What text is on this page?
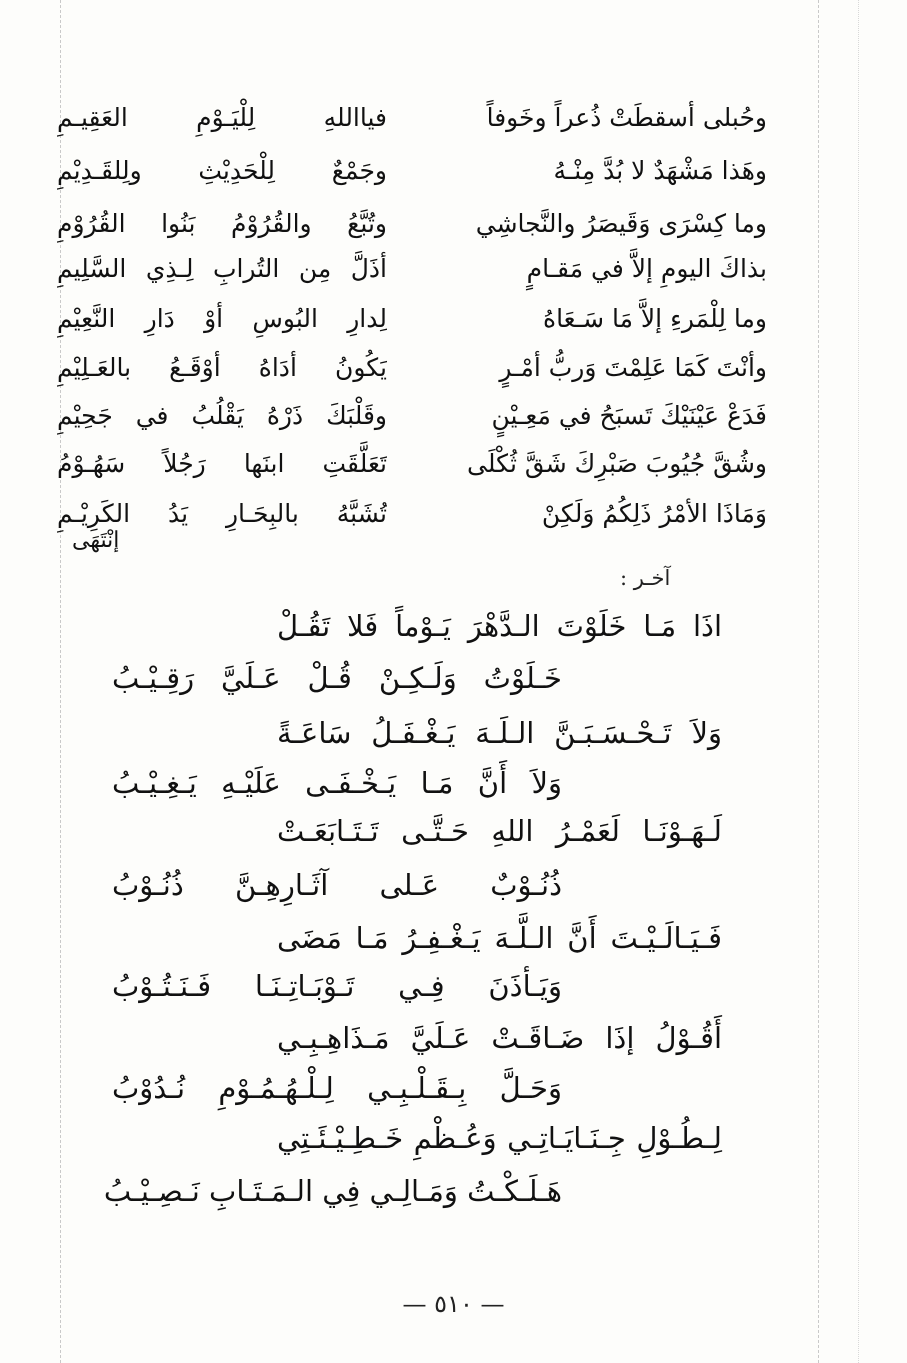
وحُبلى أسقطَتْ ذُعراً وخَوفاً
فيااللهِ لِلْيَـوْمِ العَقِيـمِ
وهَذا مَشْهَدٌ لا بُدَّ مِنْـهُ
وجَمْعٌ لِلْحَدِيْثِ ولِلقَـدِيْمِ
وما كِسْرَى وَقَيصَرُ والنَّجاشِي
وتُبَّعُ والقُرُوْمُ بَنُوا القُرُوْمِ
بذاكَ اليومِ إلاَّ في مَقـامٍ
أذَلَّ مِن التُرابِ لِـذِي السَّلِيمِ
وما لِلْمَرءِ إلاَّ مَا سَـعَاهُ
لِدارِ البُوسِ أوْ دَارِ النَّعِيْمِ
وأنْتَ كَمَا عَلِمْتَ وَربُّ أمْـرٍ
يَكُونُ أدَاهُ أوْقَـعُ بالعَـلِيْمِ
فَدَعْ عَيْنَيْكَ تَسبَحُ في مَعِـيْنٍ
وقَلْبَكَ ذَرْهُ يَقْلُبُ في جَحِيْمِ
وشُقَّ جُيُوبَ صَبْرِكَ شَقَّ ثُكْلَى
تَعَلَّقَتِ ابنَها رَجُلاً سَهُـوْمُ
وَمَاذَا الأمْرُ ذَلِكُمُ وَلَكِنْ
تُشَبَّهُ بالبِحَـارِ يَدُ الكَرِيْـمِ
إنْتَهَى
آخـر :
اذَا مَـا خَلَوْتَ الـدَّهْرَ يَـوْماً فَلا تَقُـلْ
خَـلَوْتُ وَلَـكِـنْ قُـلْ عَـلَيَّ رَقِـيْـبُ
وَلاَ تَـحْـسَـبَـنَّ الـلَـهَ يَـغْـفَـلُ سَاعَـةً
وَلاَ أَنَّ مَـا يَـخْـفَـى عَلَيْـهِ يَـغِـيْـبُ
لَـهَـوْنَـا لَعَمْـرُ اللهِ حَـتَّـى تَـتَـابَعَـتْ
ذُنُـوْبٌ عَـلى آثَـارِهِـنَّ ذُنُـوْبُ
فَـيَـالَـيْـتَ أَنَّ الـلَّـهَ يَـغْـفِـرُ مَـا مَضَى
وَيَـأذَنَ فِـي تَـوْبَـاتِـنَـا فَـنَـتُـوْبُ
أَقُـوْلُ إذَا ضَـاقَـتْ عَـلَيَّ مَـذَاهِـبِـي
وَحَـلَّ بِـقَـلْـبِـي لِـلْـهُـمُـوْمِ نُـدُوْبُ
لِـطُـوْلِ جِـنَـايَـاتِـي وَعُـظْمِ خَـطِـيْـئَـتِي
هَـلَـكْـتُ وَمَـالِـي فِي الـمَـتَـابِ نَـصِـيْـبُ
— ٥١٠ —
